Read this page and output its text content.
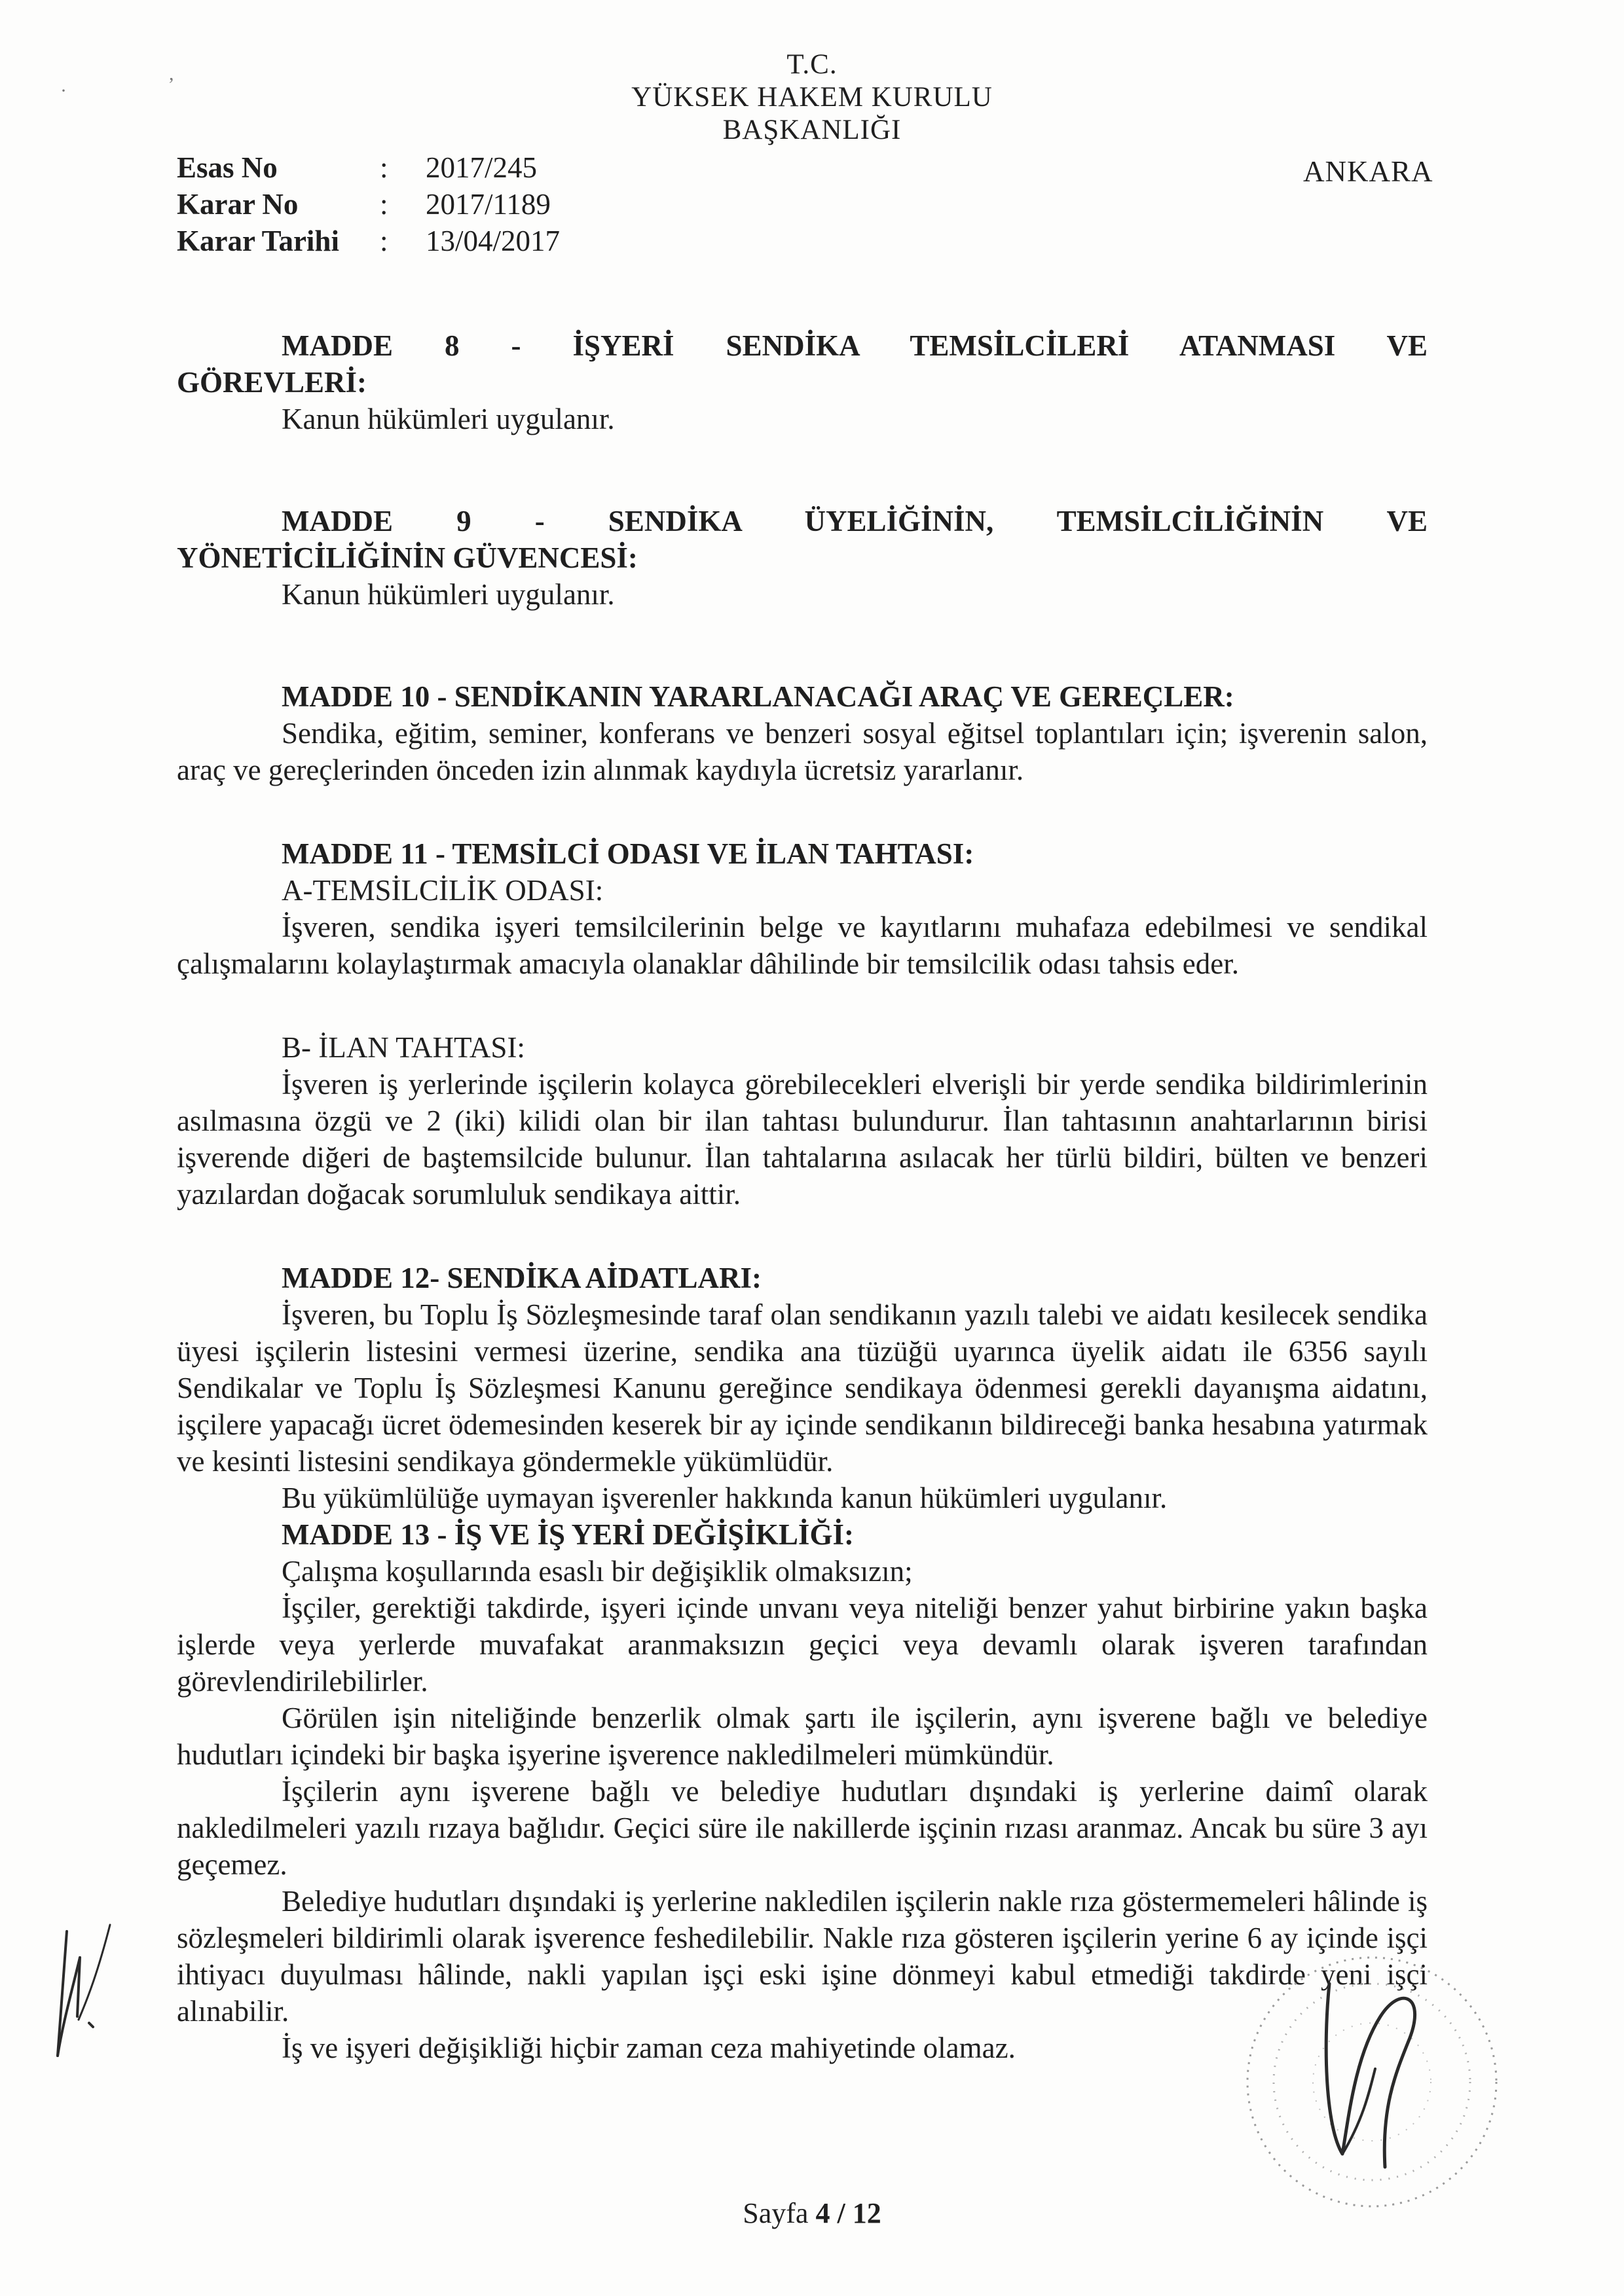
,
·
T.C.
YÜKSEK HAKEM KURULU
BAŞKANLIĞI
ANKARA
Esas No	: 2017/245
Karar No	: 2017/1189
Karar Tarihi : 13/04/2017
MADDE 8 - İŞYERİ SENDİKA TEMSİLCİLERİ ATANMASI VE
GÖREVLERİ:

Kanun hükümleri uygulanır.

MADDE 9 - SENDİKA ÜYELİĞİNİN, TEMSİLCİLİĞİNİN VE
YÖNETİCİLİĞİNİN GÜVENCESİ:

Kanun hükümleri uygulanır.

MADDE 10 - SENDİKANIN YARARLANACAĞI ARAÇ VE GEREÇLER:

Sendika, eğitim, seminer, konferans ve benzeri sosyal eğitsel toplantıları için; işverenin salon, araç ve gereçlerinden önceden izin alınmak kaydıyla ücretsiz yararlanır.

MADDE 11 - TEMSİLCİ ODASI VE İLAN TAHTASI:
A-TEMSİLCİLİK ODASI:

İşveren, sendika işyeri temsilcilerinin belge ve kayıtlarını muhafaza edebilmesi ve sendikal çalışmalarını kolaylaştırmak amacıyla olanaklar dâhilinde bir temsilcilik odası tahsis eder.

B- İLAN TAHTASI:

İşveren iş yerlerinde işçilerin kolayca görebilecekleri elverişli bir yerde sendika bildirimlerinin asılmasına özgü ve 2 (iki) kilidi olan bir ilan tahtası bulundurur. İlan tahtasının anahtarlarının birisi işverende diğeri de baştemsilcide bulunur. İlan tahtalarına asılacak her türlü bildiri, bülten ve benzeri yazılardan doğacak sorumluluk sendikaya aittir.

MADDE 12- SENDİKA AİDATLARI:

İşveren, bu Toplu İş Sözleşmesinde taraf olan sendikanın yazılı talebi ve aidatı kesilecek sendika üyesi işçilerin listesini vermesi üzerine, sendika ana tüzüğü uyarınca üyelik aidatı ile 6356 sayılı Sendikalar ve Toplu İş Sözleşmesi Kanunu gereğince sendikaya ödenmesi gerekli dayanışma aidatını, işçilere yapacağı ücret ödemesinden keserek bir ay içinde sendikanın bildireceği banka hesabına yatırmak ve kesinti listesini sendikaya göndermekle yükümlüdür.

Bu yükümlülüğe uymayan işverenler hakkında kanun hükümleri uygulanır.

MADDE 13 - İŞ VE İŞ YERİ DEĞİŞİKLİĞİ:

Çalışma koşullarında esaslı bir değişiklik olmaksızın;

İşçiler, gerektiği takdirde, işyeri içinde unvanı veya niteliği benzer yahut birbirine yakın başka işlerde veya yerlerde muvafakat aranmaksızın geçici veya devamlı olarak işveren tarafından görevlendirilebilirler.

Görülen işin niteliğinde benzerlik olmak şartı ile işçilerin, aynı işverene bağlı ve belediye hudutları içindeki bir başka işyerine işverence nakledilmeleri mümkündür.

İşçilerin aynı işverene bağlı ve belediye hudutları dışındaki iş yerlerine daimî olarak nakledilmeleri yazılı rızaya bağlıdır. Geçici süre ile nakillerde işçinin rızası aranmaz. Ancak bu süre 3 ayı geçemez.

Belediye hudutları dışındaki iş yerlerine nakledilen işçilerin nakle rıza göstermemeleri hâlinde iş sözleşmeleri bildirimli olarak işverence feshedilebilir. Nakle rıza gösteren işçilerin yerine 6 ay içinde işçi ihtiyacı duyulması hâlinde, nakli yapılan işçi eski işine dönmeyi kabul etmediği takdirde yeni işçi alınabilir.

İş ve işyeri değişikliği hiçbir zaman ceza mahiyetinde olamaz.

Sayfa 4 / 12
